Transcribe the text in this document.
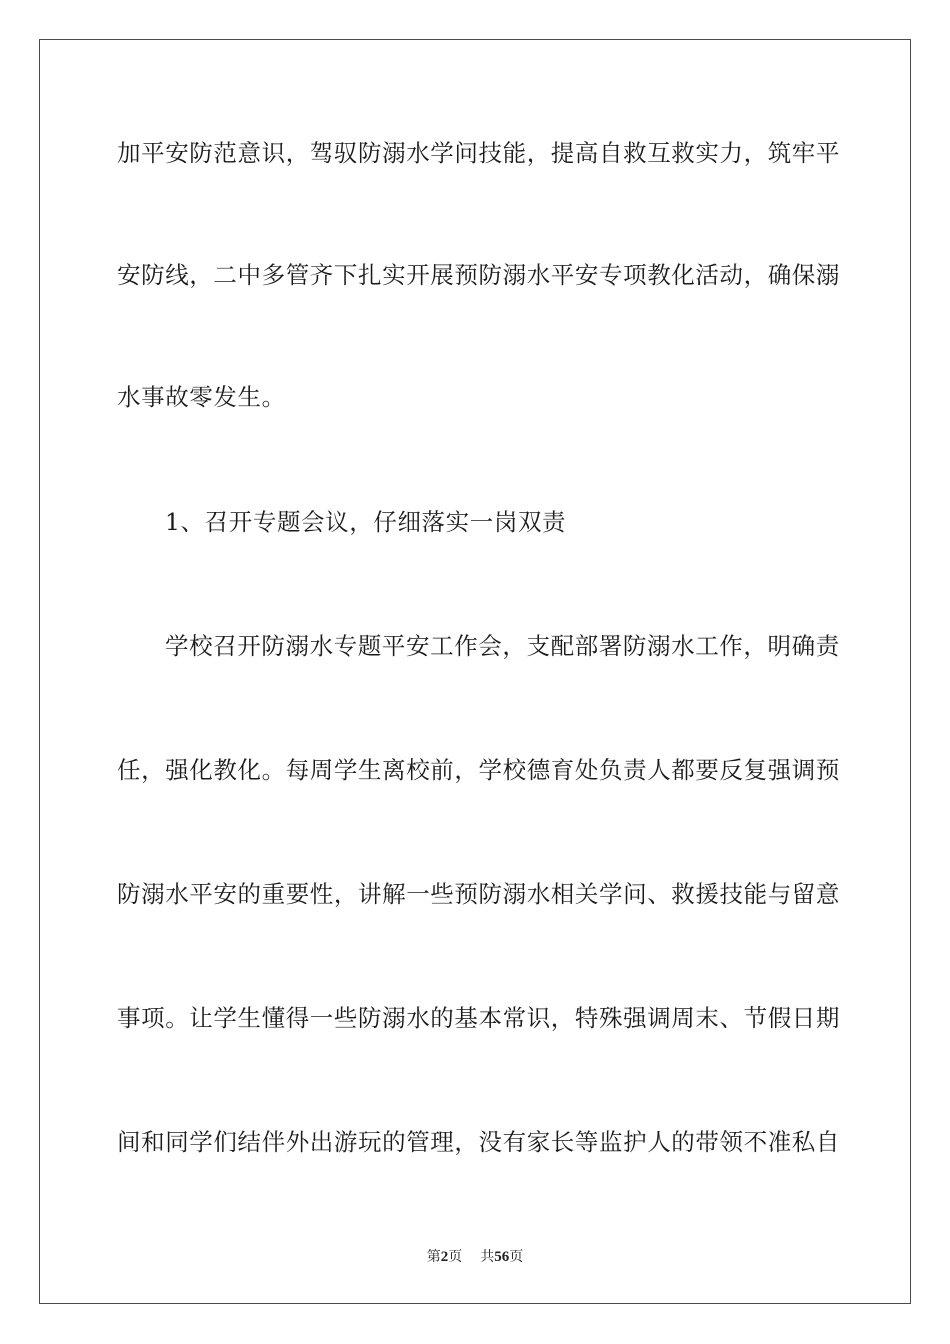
加平安防范意识，驾驭防溺水学问技能，提高自救互救实力，筑牢平
安防线，二中多管齐下扎实开展预防溺水平安专项教化活动，确保溺
水事故零发生。
1、召开专题会议，仔细落实一岗双责
学校召开防溺水专题平安工作会，支配部署防溺水工作，明确责
任，强化教化。每周学生离校前，学校德育处负责人都要反复强调预
防溺水平安的重要性，讲解一些预防溺水相关学问、救援技能与留意
事项。让学生懂得一些防溺水的基本常识，特殊强调周末、节假日期
间和同学们结伴外出游玩的管理，没有家长等监护人的带领不准私自
第2页 共56页
